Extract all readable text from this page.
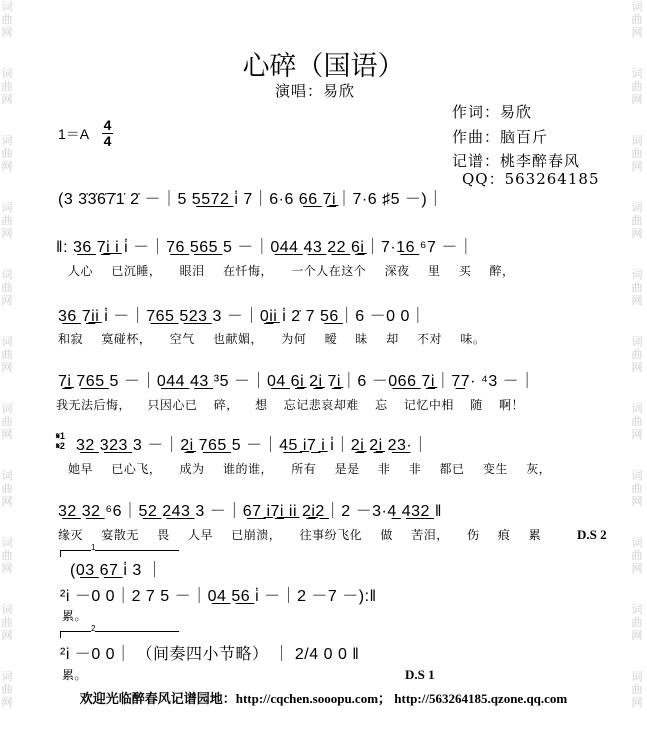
词
曲
网
词
曲
网
词
曲
网
词
曲
网
词
曲
网
词
曲
网
词
曲
网
词
曲
网
词
曲
网
词
曲
网
词
曲
网
词
曲
网
词
曲
网
词
曲
网
词
曲
网
词
曲
网
词
曲
网
词
曲
网
词
曲
网
词
曲
网
词
曲
网
词
曲
网
心碎（国语）
演唱：易欣
作词：易欣
作曲：脑百斤
记谱：桃李醉春风
QQ：563264185
1＝A
4
4
(3 3̇3̇6̇7̇1̇ 2̇ －｜5 5̲5̲7̲2̲ i̇ 7｜6·6 6̲6̲ 7̲i̲｜7·6 ♯5 －)｜
‖: 3̲6̲ 7̲i̲ i̲ i̇ －｜7̲6̲ 5̲6̲5̲ 5 －｜0̲4̲4̲ 4̲3̲ 2̲2̲ 6̲i̲｜7·1̲6̲ ⁶7 －｜
人心 已沉睡， 眼泪 在忏悔， 一个人在这个 深夜 里 买 醉，
3̲6̲ 7̲i̲i̲ i̇ －｜7̲6̲5̲ 5̲2̲3̲ 3 －｜0̲i̲i̲ i̇ 2̇ 7 5̲6̲｜6 －0 0｜
和寂 寞碰杯， 空气 也献媚， 为何 暧 昧 却 不对 味。
7̲i̲ 7̲6̲5̲ 5 －｜0̲4̲4̲ 4̲3̲ ³5 －｜0̲4̲ 6̲i̲ 2̲i̲ 7̲i̲｜6 －0̲6̲6̲ 7̲i̲｜7̲7· ⁴3 －｜
我无法后悔， 只因心已 碎， 想 忘记悲哀却难 忘 记忆中相 随 啊！
𝄋1
𝄋2 3̲2̲ 3̲2̲3̲ 3 －｜2̲i̲ 7̲6̲5̲ 5 －｜4̲5̲ i̲7̲ i̲ i̇｜2̲i̲ 2̲i̲ 2̲3̲·｜
她早 已心飞， 成为 谁的谁， 所有 是是 非 非 都已 变生 灰，
3̲2̲ 3̲2̲ ⁶6｜5̲2̲ 2̲4̲3̲ 3 －｜6̲7̲ i̲7̲i̲ i̲i̲ 2̲i̲2̲｜2 －3·4̲ 4̲3̲2̲ ‖
缘灭 宴散无 畏 人早 已崩溃， 往事纷飞化 做 苦泪， 伤 痕 累	D.S 2
1
(0̲3̲ 6̲7̲ i̇ 3 ｜
²i －0 0｜2 7 5 －｜0̲4̲ 5̲6̲ i̇ －｜2 －7 －):‖
累。
2
²i －0 0｜ （间奏四小节略） ｜ 2/4 0 0 ‖
累。	D.S 1
欢迎光临醉春风记谱园地：http://cqchen.sooopu.com； http://563264185.qzone.qq.com
